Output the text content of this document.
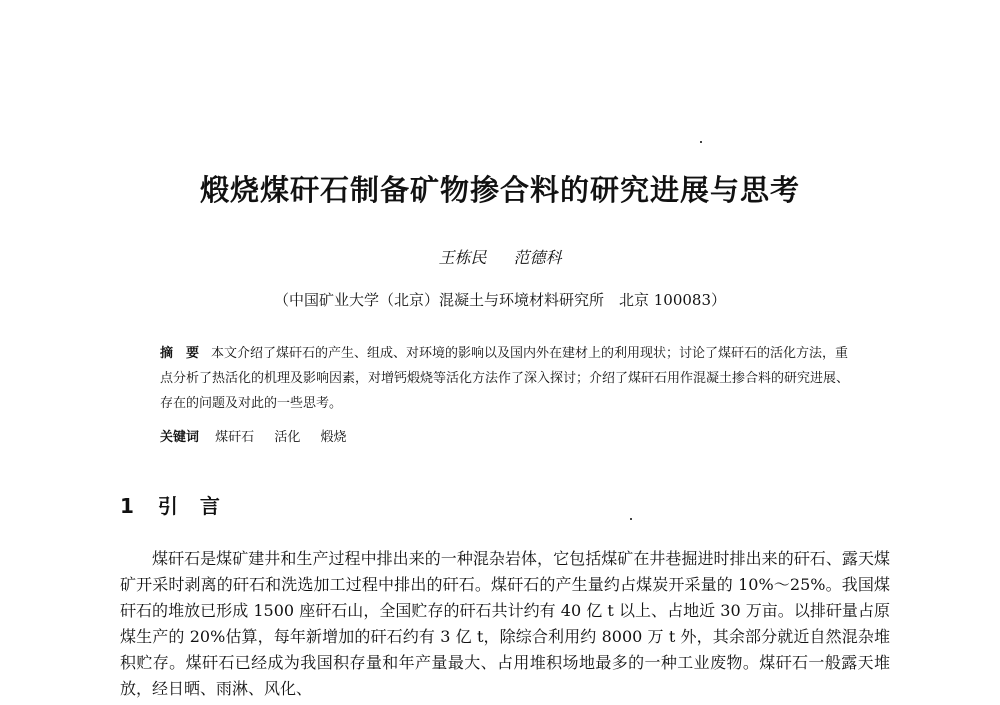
煅烧煤矸石制备矿物掺合料的研究进展与思考
王栋民 范德科
（中国矿业大学（北京）混凝土与环境材料研究所　北京 100083）
摘　要 本文介绍了煤矸石的产生、组成、对环境的影响以及国内外在建材上的利用现状；讨论了煤矸石的活化方法，重点分析了热活化的机理及影响因素，对增钙煅烧等活化方法作了深入探讨；介绍了煤矸石用作混凝土掺合料的研究进展、存在的问题及对此的一些思考。
关键词 煤矸石 活化 煅烧
1 引言
煤矸石是煤矿建井和生产过程中排出来的一种混杂岩体，它包括煤矿在井巷掘进时排出来的矸石、露天煤矿开采时剥离的矸石和洗选加工过程中排出的矸石。煤矸石的产生量约占煤炭开采量的 10%～25%。我国煤矸石的堆放已形成 1500 座矸石山，全国贮存的矸石共计约有 40 亿 t 以上、占地近 30 万亩。以排矸量占原煤生产的 20%估算，每年新增加的矸石约有 3 亿 t，除综合利用约 8000 万 t 外，其余部分就近自然混杂堆积贮存。煤矸石已经成为我国积存量和年产量最大、占用堆积场地最多的一种工业废物。煤矸石一般露天堆放，经日晒、雨淋、风化、
